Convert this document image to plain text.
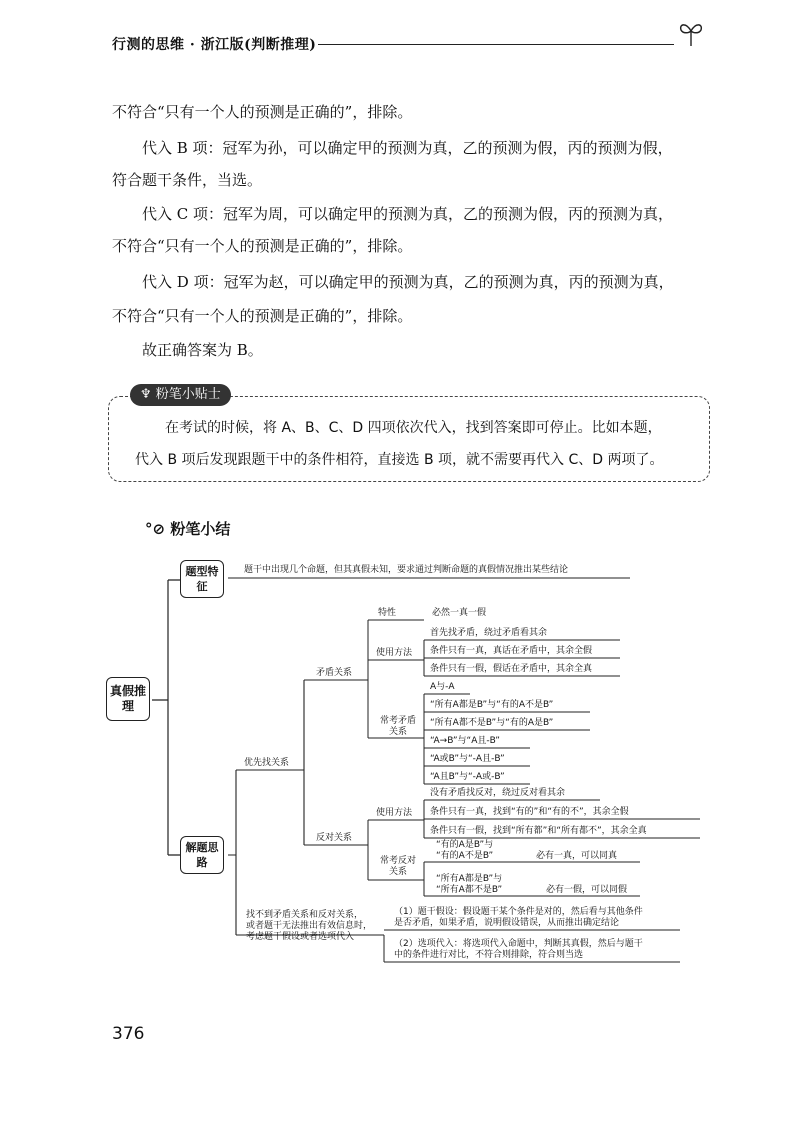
行测的思维 · 浙江版(判断推理)
不符合“只有一个人的预测是正确的”，排除。
代入 B 项：冠军为孙，可以确定甲的预测为真，乙的预测为假，丙的预测为假，
符合题干条件，当选。
代入 C 项：冠军为周，可以确定甲的预测为真，乙的预测为假，丙的预测为真，
不符合“只有一个人的预测是正确的”，排除。
代入 D 项：冠军为赵，可以确定甲的预测为真，乙的预测为真，丙的预测为真，
不符合“只有一个人的预测是正确的”，排除。
故正确答案为 B。
♆ 粉笔小贴士
在考试的时候，将 A、B、C、D 四项依次代入，找到答案即可停止。比如本题，
代入 B 项后发现跟题干中的条件相符，直接选 B 项，就不需要再代入 C、D 两项了。
°⊘ 粉笔小结
真假推理
题型特征
解题思路
题干中出现几个命题，但其真假未知，要求通过判断命题的真假情况推出某些结论
优先找关系
矛盾关系
反对关系
特性	必然一真一假
使用方法
首先找矛盾，绕过矛盾看其余
条件只有一真，真话在矛盾中，其余全假
条件只有一假，假话在矛盾中，其余全真
常考矛盾关系
A与-A
“所有A都是B”与“有的A不是B”
“所有A都不是B”与“有的A是B”
“A→B”与“A且-B”
“A或B”与“-A且-B”
“A且B”与“-A或-B”
使用方法
没有矛盾找反对，绕过反对看其余
条件只有一真，找到“有的”和“有的不”，其余全假
条件只有一假，找到“所有都”和“所有都不”，其余全真
常考反对关系
“有的A是B”与
“有的A不是B”	必有一真，可以同真
“所有A都是B”与
“所有A都不是B”	必有一假，可以同假
找不到矛盾关系和反对关系，
或者题干无法推出有效信息时，
考虑题干假设或者选项代入
（1）题干假设：假设题干某个条件是对的，然后看与其他条件
是否矛盾，如果矛盾，说明假设错误，从而推出确定结论
（2）选项代入：将选项代入命题中，判断其真假，然后与题干
中的条件进行对比，不符合则排除，符合则当选
376
